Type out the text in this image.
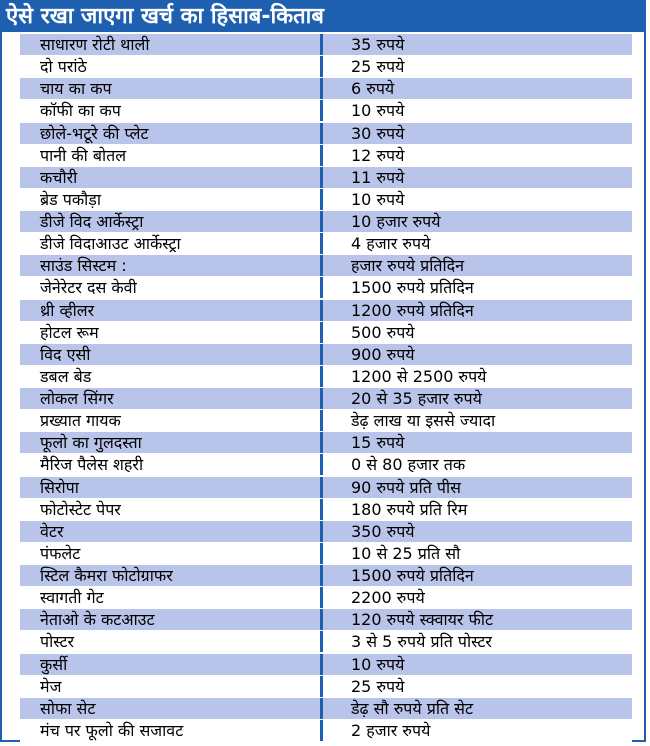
ऐसे रखा जाएगा खर्च का हिसाब-किताब
साधारण रोटी थाली	35 रुपये
दो परांठे	25 रुपये
चाय का कप	6 रुपये
कॉफी का कप	10 रुपये
छोले-भटूरे की प्लेट	30 रुपये
पानी की बोतल	12 रुपये
कचौरी	11 रुपये
ब्रेड पकौड़ा	10 रुपये
डीजे विद आर्केस्ट्रा	10 हजार रुपये
डीजे विदाआउट आर्केस्ट्रा	4 हजार रुपये
साउंड सिस्टम :	हजार रुपये प्रतिदिन
जेनेरेटर दस केवी	1500 रुपये प्रतिदिन
थ्री व्हीलर	1200 रुपये प्रतिदिन
होटल रूम	500 रुपये
विद एसी	900 रुपये
डबल बेड	1200 से 2500 रुपये
लोकल सिंगर	20 से 35 हजार रुपये
प्रख्यात गायक	डेढ़ लाख या इससे ज्यादा
फूलो का गुलदस्ता	15 रुपये
मैरिज पैलेस शहरी	0 से 80 हजार तक
सिरोपा	90 रुपये प्रति पीस
फोटोस्टेट पेपर	180 रुपये प्रति रिम
वेटर	350 रुपये
पंफलेट	10 से 25 प्रति सौ
स्टिल कैमरा फोटोग्राफर	1500 रुपये प्रतिदिन
स्वागती गेट	2200 रुपये
नेताओ के कटआउट	120 रुपये स्क्वायर फीट
पोस्टर	3 से 5 रुपये प्रति पोस्टर
कुर्सी	10 रुपये
मेज	25 रुपये
सोफा सेट	डेढ़ सौ रुपये प्रति सेट
मंच पर फूलो की सजावट	2 हजार रुपये
